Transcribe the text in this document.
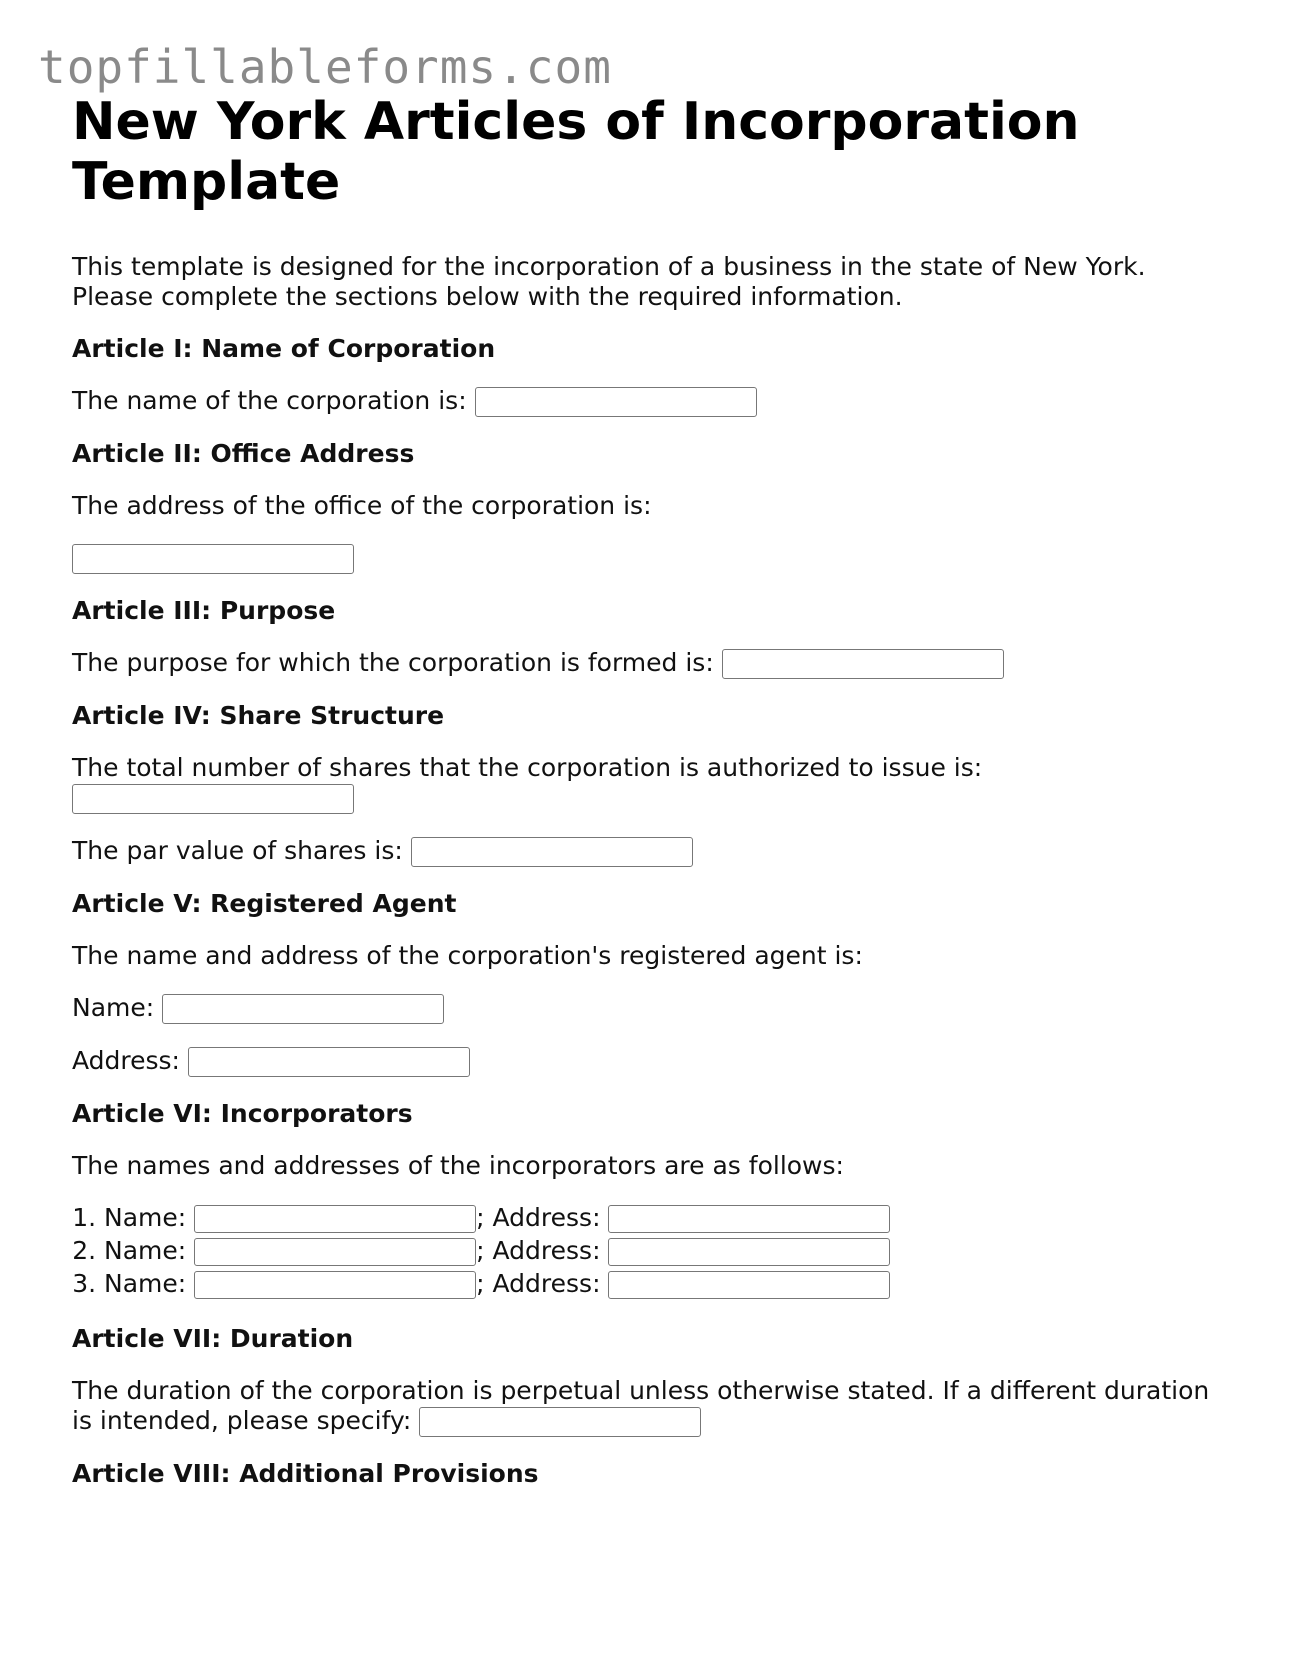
topfillableforms.com
New York Articles of Incorporation
Template

This template is designed for the incorporation of a business in the state of New York.
Please complete the sections below with the required information.

Article I: Name of Corporation

The name of the corporation is:

Article II: Office Address

The address of the office of the corporation is:

Article III: Purpose

The purpose for which the corporation is formed is:

Article IV: Share Structure

The total number of shares that the corporation is authorized to issue is:

The par value of shares is:

Article V: Registered Agent

The name and address of the corporation's registered agent is:

Name:

Address:

Article VI: Incorporators

The names and addresses of the incorporators are as follows:

1. Name:	; Address:
2. Name:	; Address:
3. Name:	; Address:

Article VII: Duration

The duration of the corporation is perpetual unless otherwise stated. If a different duration
is intended, please specify:

Article VIII: Additional Provisions
